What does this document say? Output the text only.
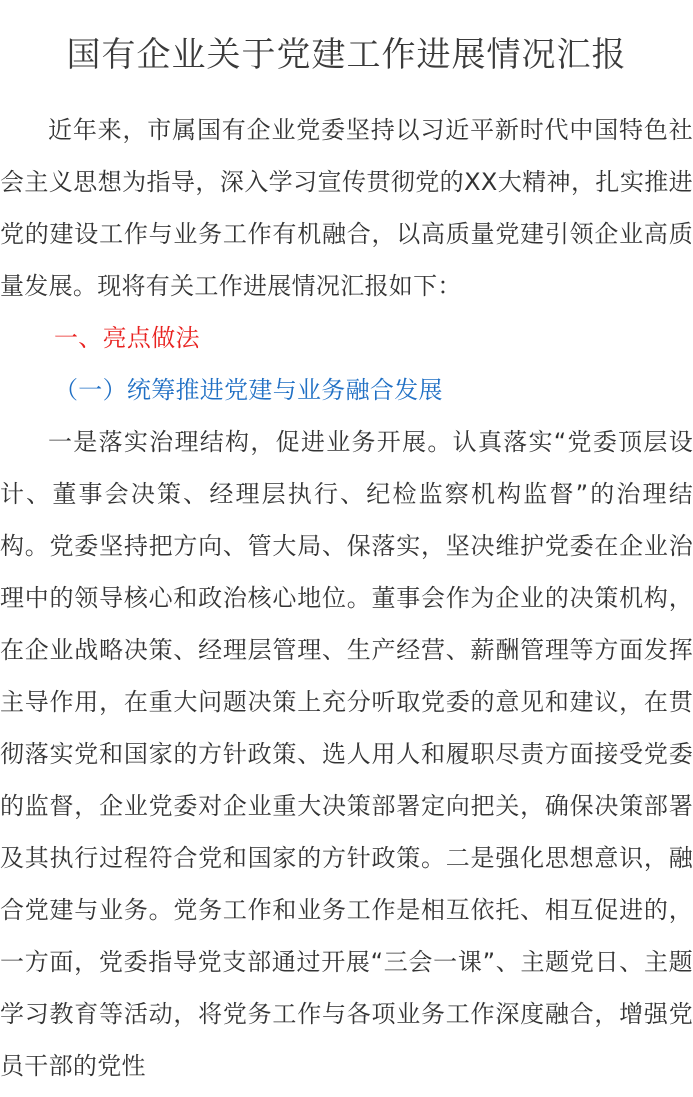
国有企业关于党建工作进展情况汇报

近年来，市属国有企业党委坚持以习近平新时代中国特色社会主义思想为指导，深入学习宣传贯彻党的XX大精神，扎实推进党的建设工作与业务工作有机融合，以高质量党建引领企业高质量发展。现将有关工作进展情况汇报如下：

一、亮点做法

（一）统筹推进党建与业务融合发展

一是落实治理结构，促进业务开展。认真落实“党委顶层设计、董事会决策、经理层执行、纪检监察机构监督”的治理结构。党委坚持把方向、管大局、保落实，坚决维护党委在企业治理中的领导核心和政治核心地位。董事会作为企业的决策机构，在企业战略决策、经理层管理、生产经营、薪酬管理等方面发挥主导作用，在重大问题决策上充分听取党委的意见和建议，在贯彻落实党和国家的方针政策、选人用人和履职尽责方面接受党委的监督，企业党委对企业重大决策部署定向把关，确保决策部署及其执行过程符合党和国家的方针政策。二是强化思想意识，融合党建与业务。党务工作和业务工作是相互依托、相互促进的，一方面，党委指导党支部通过开展“三会一课”、主题党日、主题学习教育等活动，将党务工作与各项业务工作深度融合，增强党员干部的党性
